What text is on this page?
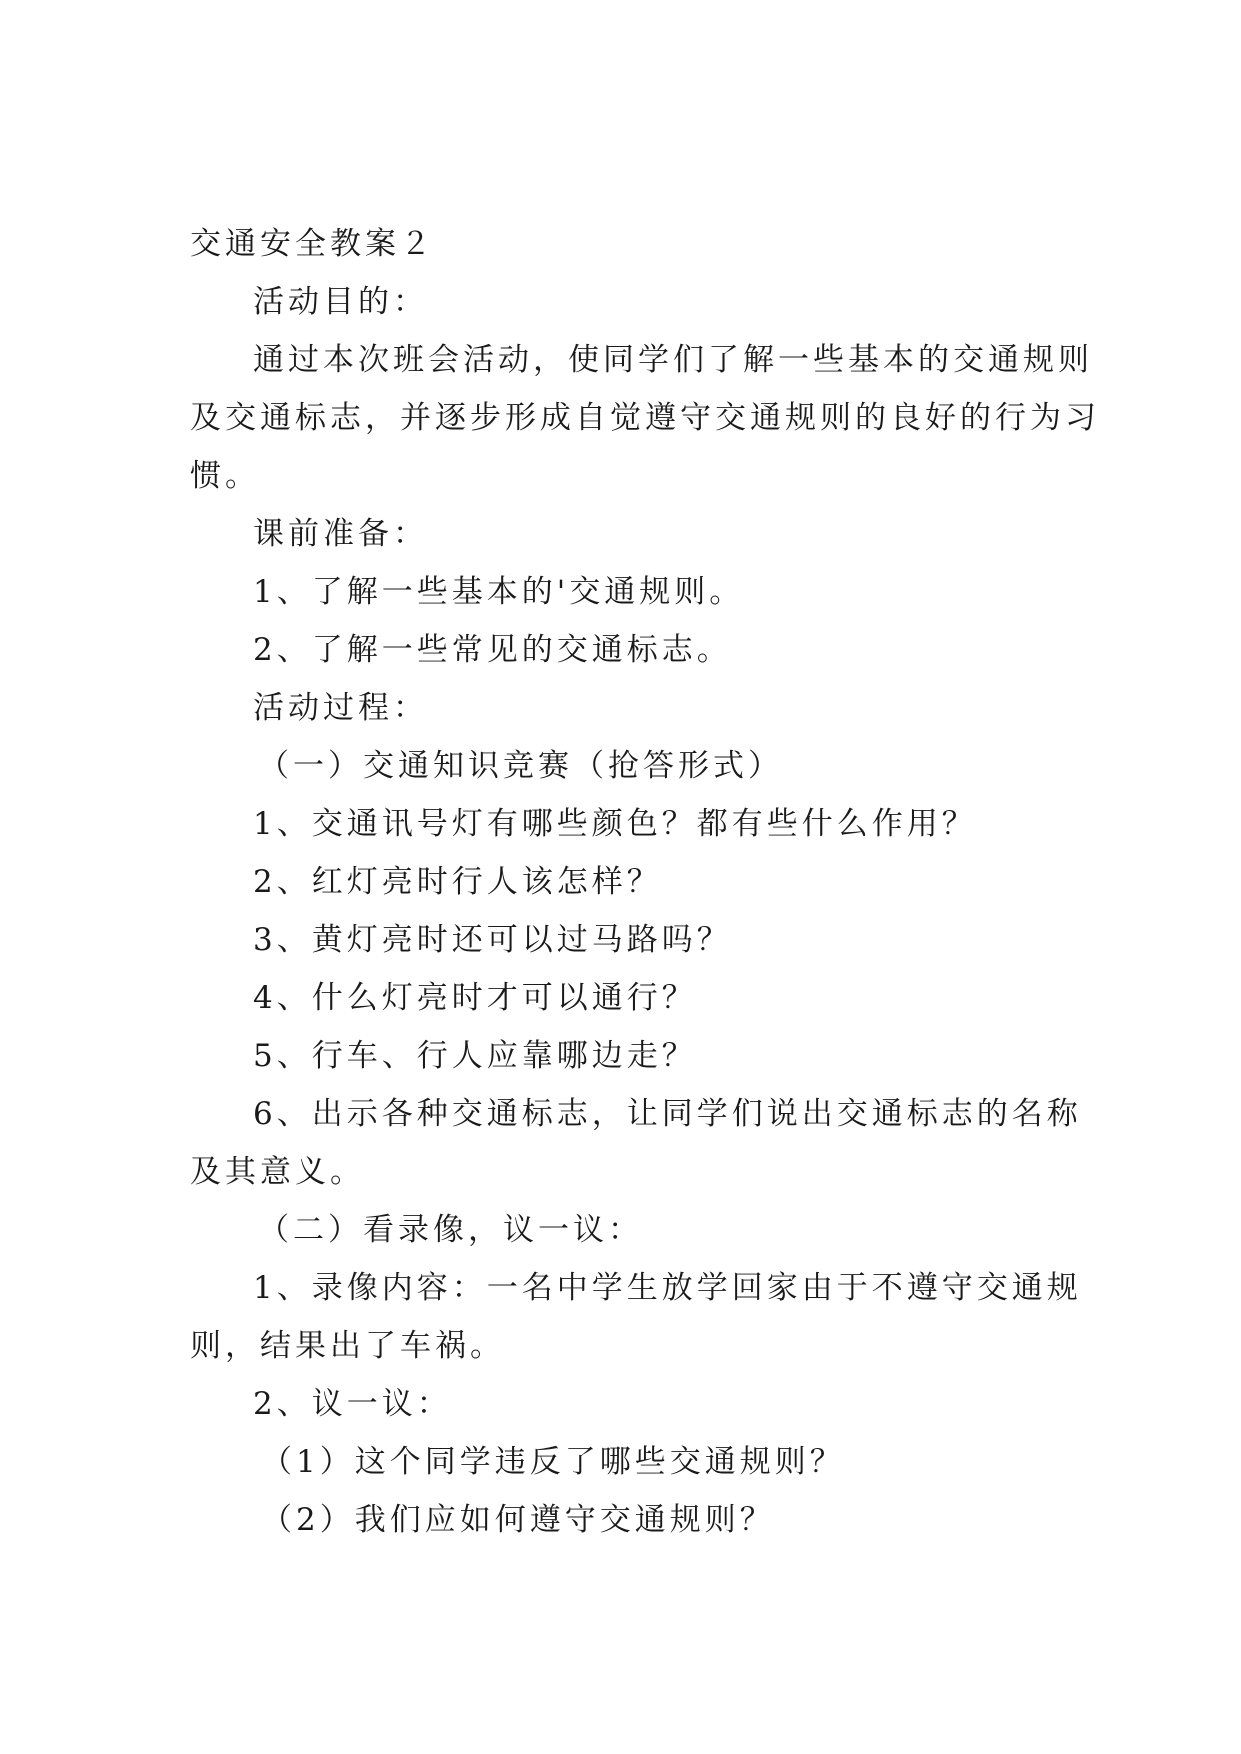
交通安全教案２
活动目的：
通过本次班会活动，使同学们了解一些基本的交通规则
及交通标志，并逐步形成自觉遵守交通规则的良好的行为习
惯。
课前准备：
1、了解一些基本的'交通规则。
2、了解一些常见的交通标志。
活动过程：
（一）交通知识竞赛（抢答形式）
1、交通讯号灯有哪些颜色？都有些什么作用？
2、红灯亮时行人该怎样？
3、黄灯亮时还可以过马路吗？
4、什么灯亮时才可以通行？
5、行车、行人应靠哪边走？
6、出示各种交通标志，让同学们说出交通标志的名称
及其意义。
（二）看录像，议一议：
1、录像内容：一名中学生放学回家由于不遵守交通规
则，结果出了车祸。
2、议一议：
（1）这个同学违反了哪些交通规则？
（2）我们应如何遵守交通规则？
